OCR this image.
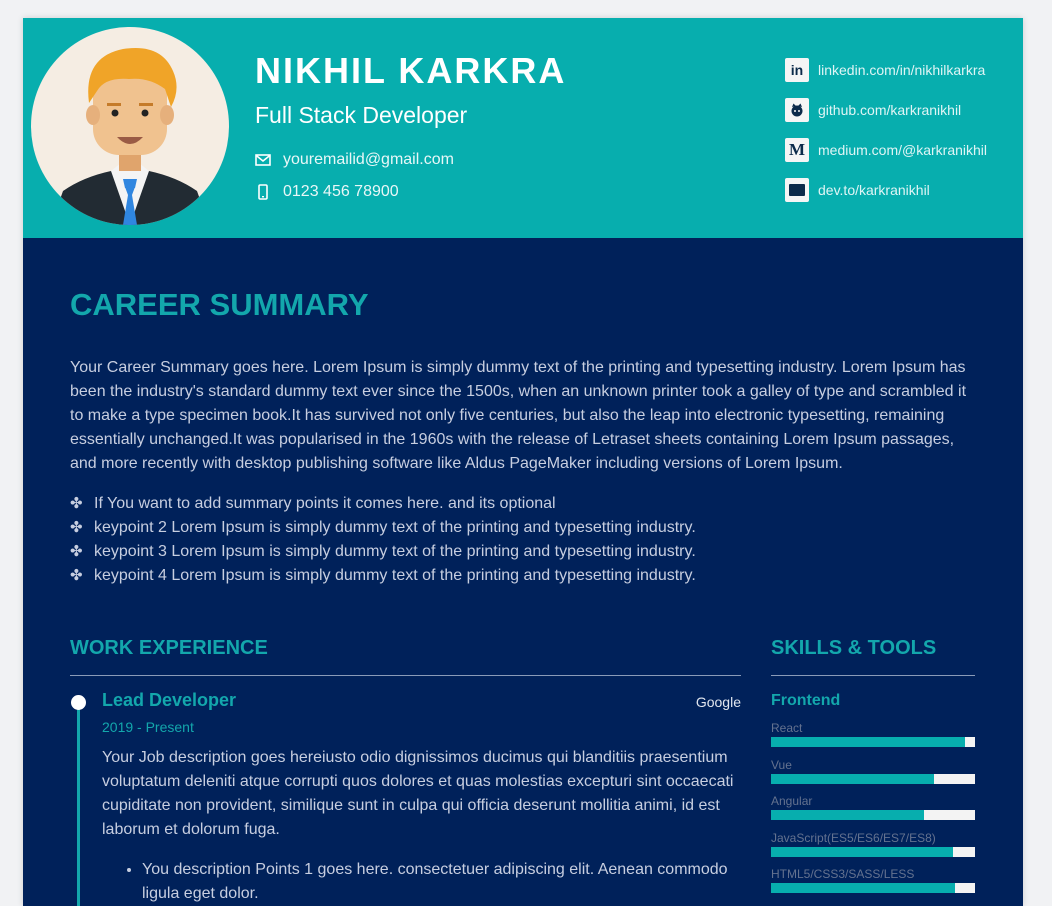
NIKHIL KARKRA

Full Stack Developer

youremailid@gmail.com
0123 456 78900
in	linkedin.com/in/nikhilkarkra
github.com/karkranikhil
M medium.com/@karkranikhil
dev.to/karkranikhil
CAREER SUMMARY

Your Career Summary goes here. Lorem Ipsum is simply dummy text of the printing and typesetting industry. Lorem Ipsum has been the industry's standard dummy text ever since the 1500s, when an unknown printer took a galley of type and scrambled it to make a type specimen book.It has survived not only five centuries, but also the leap into electronic typesetting, remaining essentially unchanged.It was popularised in the 1960s with the release of Letraset sheets containing Lorem Ipsum passages, and more recently with desktop publishing software like Aldus PageMaker including versions of Lorem Ipsum.

✤ If You want to add summary points it comes here. and its optional
✤ keypoint 2 Lorem Ipsum is simply dummy text of the printing and typesetting industry.
✤ keypoint 3 Lorem Ipsum is simply dummy text of the printing and typesetting industry.
✤ keypoint 4 Lorem Ipsum is simply dummy text of the printing and typesetting industry.
WORK EXPERIENCE

Lead Developer	Google

2019 - Present

Your Job description goes hereiusto odio dignissimos ducimus qui blanditiis praesentium voluptatum deleniti atque corrupti quos dolores et quas molestias excepturi sint occaecati cupiditate non provident, similique sunt in culpa qui officia deserunt mollitia animi, id est laborum et dolorum fuga.

• You description Points 1 goes here. consectetuer adipiscing elit. Aenean commodo ligula eget dolor.
SKILLS & TOOLS

Frontend

React
Vue
Angular
JavaScript(ES5/ES6/ES7/ES8)
HTML5/CSS3/SASS/LESS
